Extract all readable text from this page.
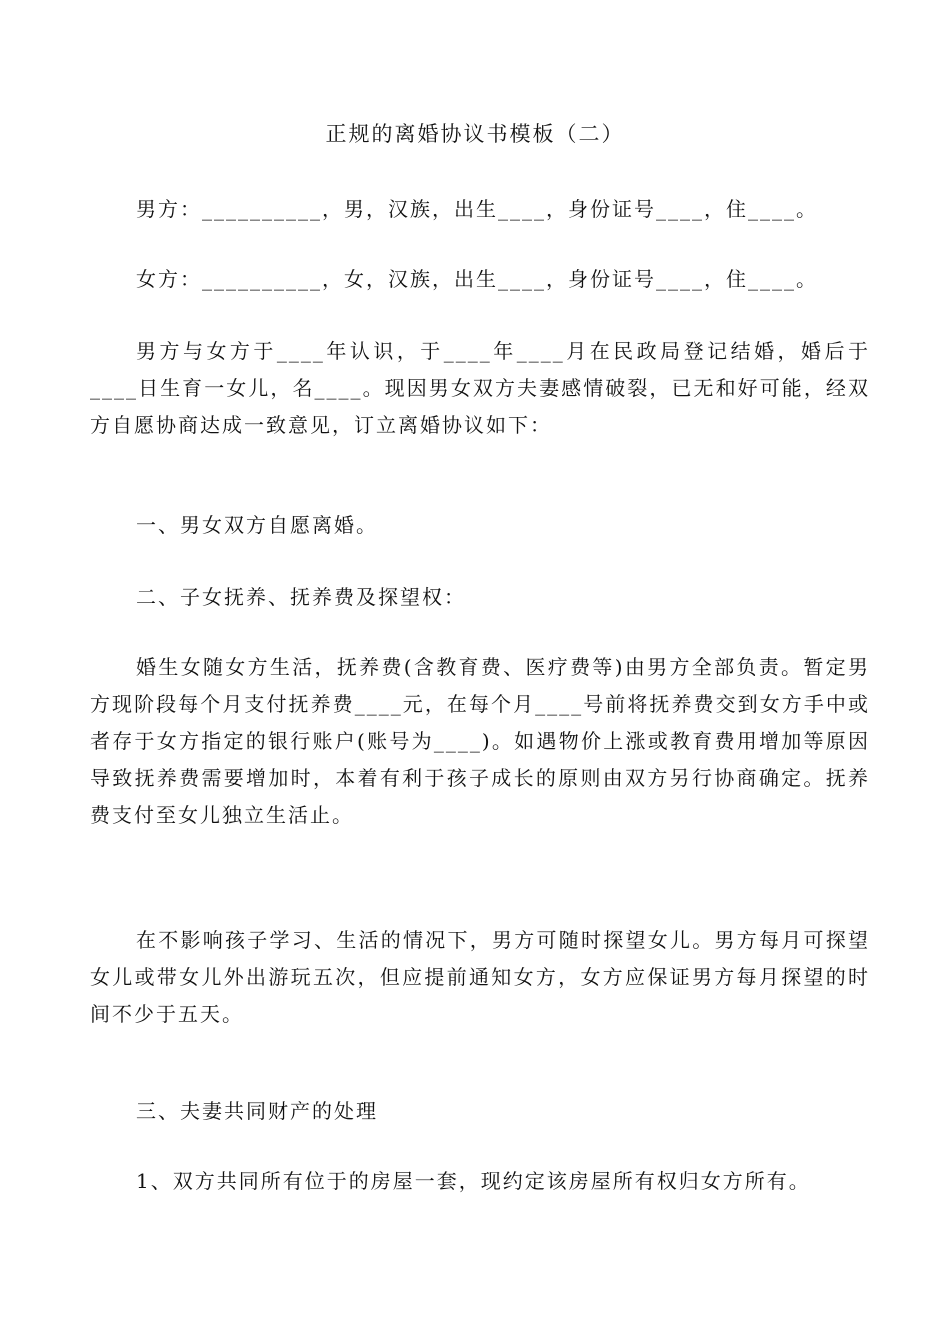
正规的离婚协议书模板（二）
男方：__________，男，汉族，出生____，身份证号____，住____。
女方：__________，女，汉族，出生____，身份证号____，住____。
男方与女方于____年认识，于____年____月在民政局登记结婚，婚后于____日生育一女儿，名____。现因男女双方夫妻感情破裂，已无和好可能，经双方自愿协商达成一致意见，订立离婚协议如下：
一、男女双方自愿离婚。
二、子女抚养、抚养费及探望权：
婚生女随女方生活，抚养费(含教育费、医疗费等)由男方全部负责。暂定男方现阶段每个月支付抚养费____元，在每个月____号前将抚养费交到女方手中或者存于女方指定的银行账户(账号为____)。如遇物价上涨或教育费用增加等原因导致抚养费需要增加时，本着有利于孩子成长的原则由双方另行协商确定。抚养费支付至女儿独立生活止。
在不影响孩子学习、生活的情况下，男方可随时探望女儿。男方每月可探望女儿或带女儿外出游玩五次，但应提前通知女方，女方应保证男方每月探望的时间不少于五天。
三、夫妻共同财产的处理
1、双方共同所有位于的房屋一套，现约定该房屋所有权归女方所有。
